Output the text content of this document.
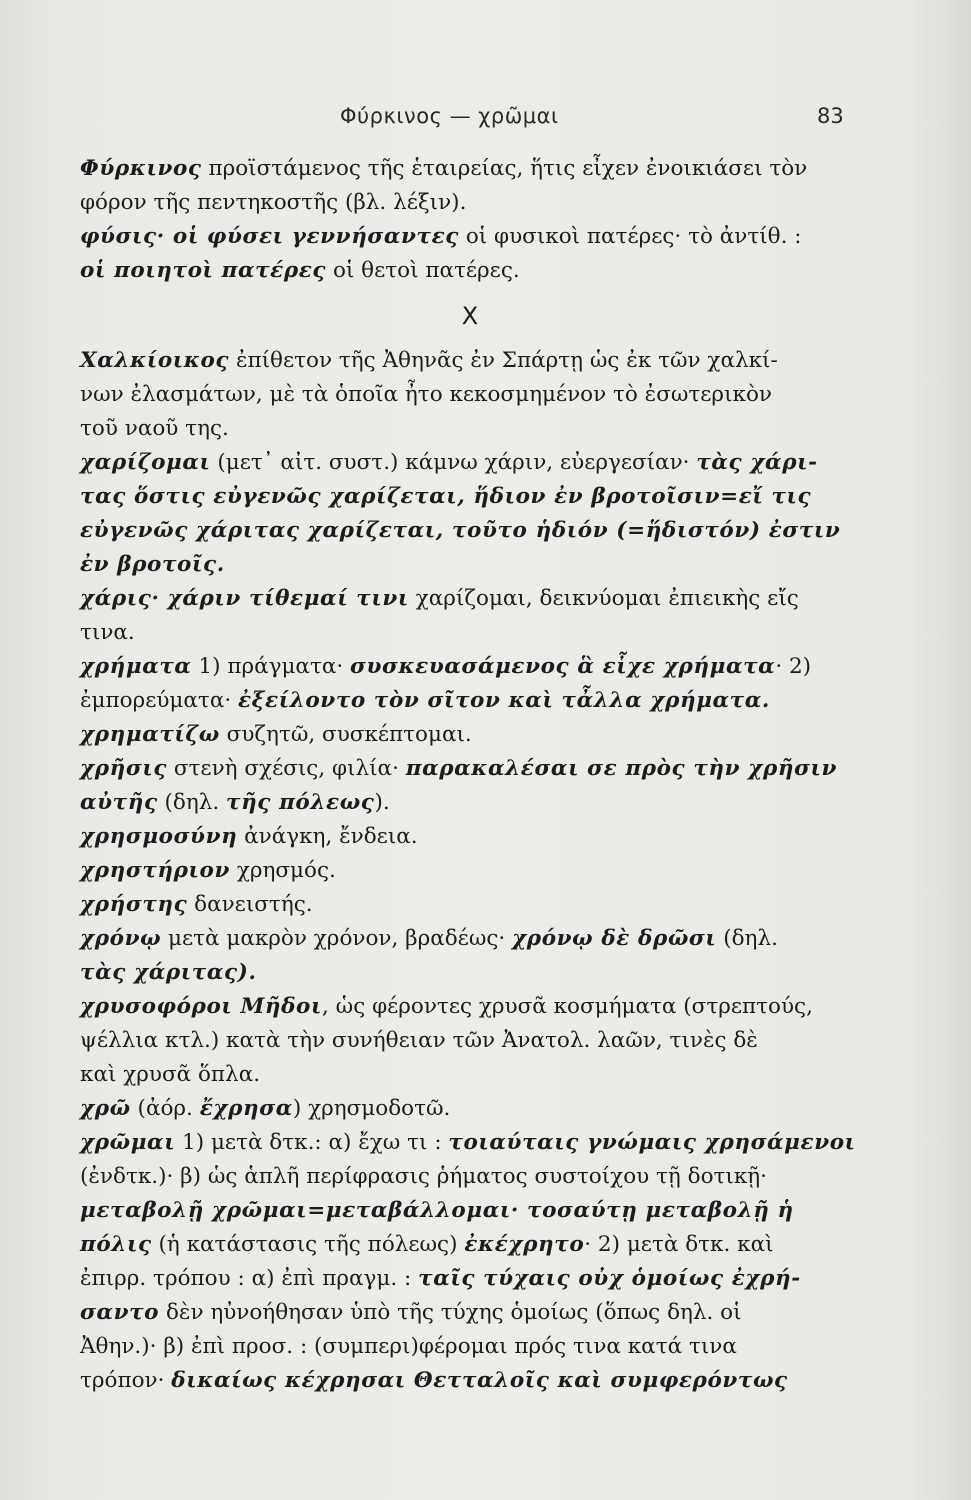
Φύρκινος — χρῶμαι	83
Φύρκινος προϊστάμενος τῆς ἑταιρείας, ἥτις εἶχεν ἐνοικιάσει τὸν
φόρον τῆς πεντηκοστῆς (βλ. λέξιν).
φύσις· οἱ φύσει γεννήσαντες οἱ φυσικοὶ πατέρες· τὸ ἀντίθ. :
οἱ ποιητοὶ πατέρες οἱ θετοὶ πατέρες.
Χ
Χαλκίοικος ἐπίθετον τῆς Ἀθηνᾶς ἐν Σπάρτῃ ὡς ἐκ τῶν χαλκί-
νων ἐλασμάτων, μὲ τὰ ὁποῖα ἦτο κεκοσμημένον τὸ ἐσωτερικὸν
τοῦ ναοῦ της.
χαρίζομαι (μετ᾽ αἰτ. συστ.) κάμνω χάριν, εὐεργεσίαν· τὰς χάρι-
τας ὅστις εὐγενῶς χαρίζεται, ἥδιον ἐν βροτοῖσιν=εἴ τις
εὐγενῶς χάριτας χαρίζεται, τοῦτο ἡδιόν (=ἥδιστόν) ἐστιν
ἐν βροτοῖς.
χάρις· χάριν τίθεμαί τινι χαρίζομαι, δεικνύομαι ἐπιεικὴς εἴς
τινα.
χρήματα 1) πράγματα· συσκευασάμενος ἃ εἶχε χρήματα· 2)
ἐμπορεύματα· ἐξείλοντο τὸν σῖτον καὶ τἆλλα χρήματα.
χρηματίζω συζητῶ, συσκέπτομαι.
χρῆσις στενὴ σχέσις, φιλία· παρακαλέσαι σε πρὸς τὴν χρῆσιν
αὐτῆς (δηλ. τῆς πόλεως).
χρησμοσύνη ἀνάγκη, ἔνδεια.
χρηστήριον χρησμός.
χρήστης δανειστής.
χρόνῳ μετὰ μακρὸν χρόνον, βραδέως· χρόνῳ δὲ δρῶσι (δηλ.
τὰς χάριτας).
χρυσοφόροι Μῆδοι, ὡς φέροντες χρυσᾶ κοσμήματα (στρεπτούς,
ψέλλια κτλ.) κατὰ τὴν συνήθειαν τῶν Ἀνατολ. λαῶν, τινὲς δὲ
καὶ χρυσᾶ ὅπλα.
χρῶ (ἀόρ. ἔχρησα) χρησμοδοτῶ.
χρῶμαι 1) μετὰ δτκ.: α) ἔχω τι : τοιαύταις γνώμαις χρησάμενοι
(ἐνδτκ.)· β) ὡς ἁπλῆ περίφρασις ῥήματος συστοίχου τῇ δοτικῇ·
μεταβολῇ χρῶμαι=μεταβάλλομαι· τοσαύτῃ μεταβολῇ ἡ
πόλις (ἡ κατάστασις τῆς πόλεως) ἐκέχρητο· 2) μετὰ δτκ. καὶ
ἐπιρρ. τρόπου : α) ἐπὶ πραγμ. : ταῖς τύχαις οὐχ ὁμοίως ἐχρή-
σαντο δὲν ηὐνοήθησαν ὑπὸ τῆς τύχης ὁμοίως (ὅπως δηλ. οἱ
Ἀθην.)· β) ἐπὶ προσ. : (συμπερι)φέρομαι πρός τινα κατά τινα
τρόπον· δικαίως κέχρησαι Θετταλοῖς καὶ συμφερόντως
